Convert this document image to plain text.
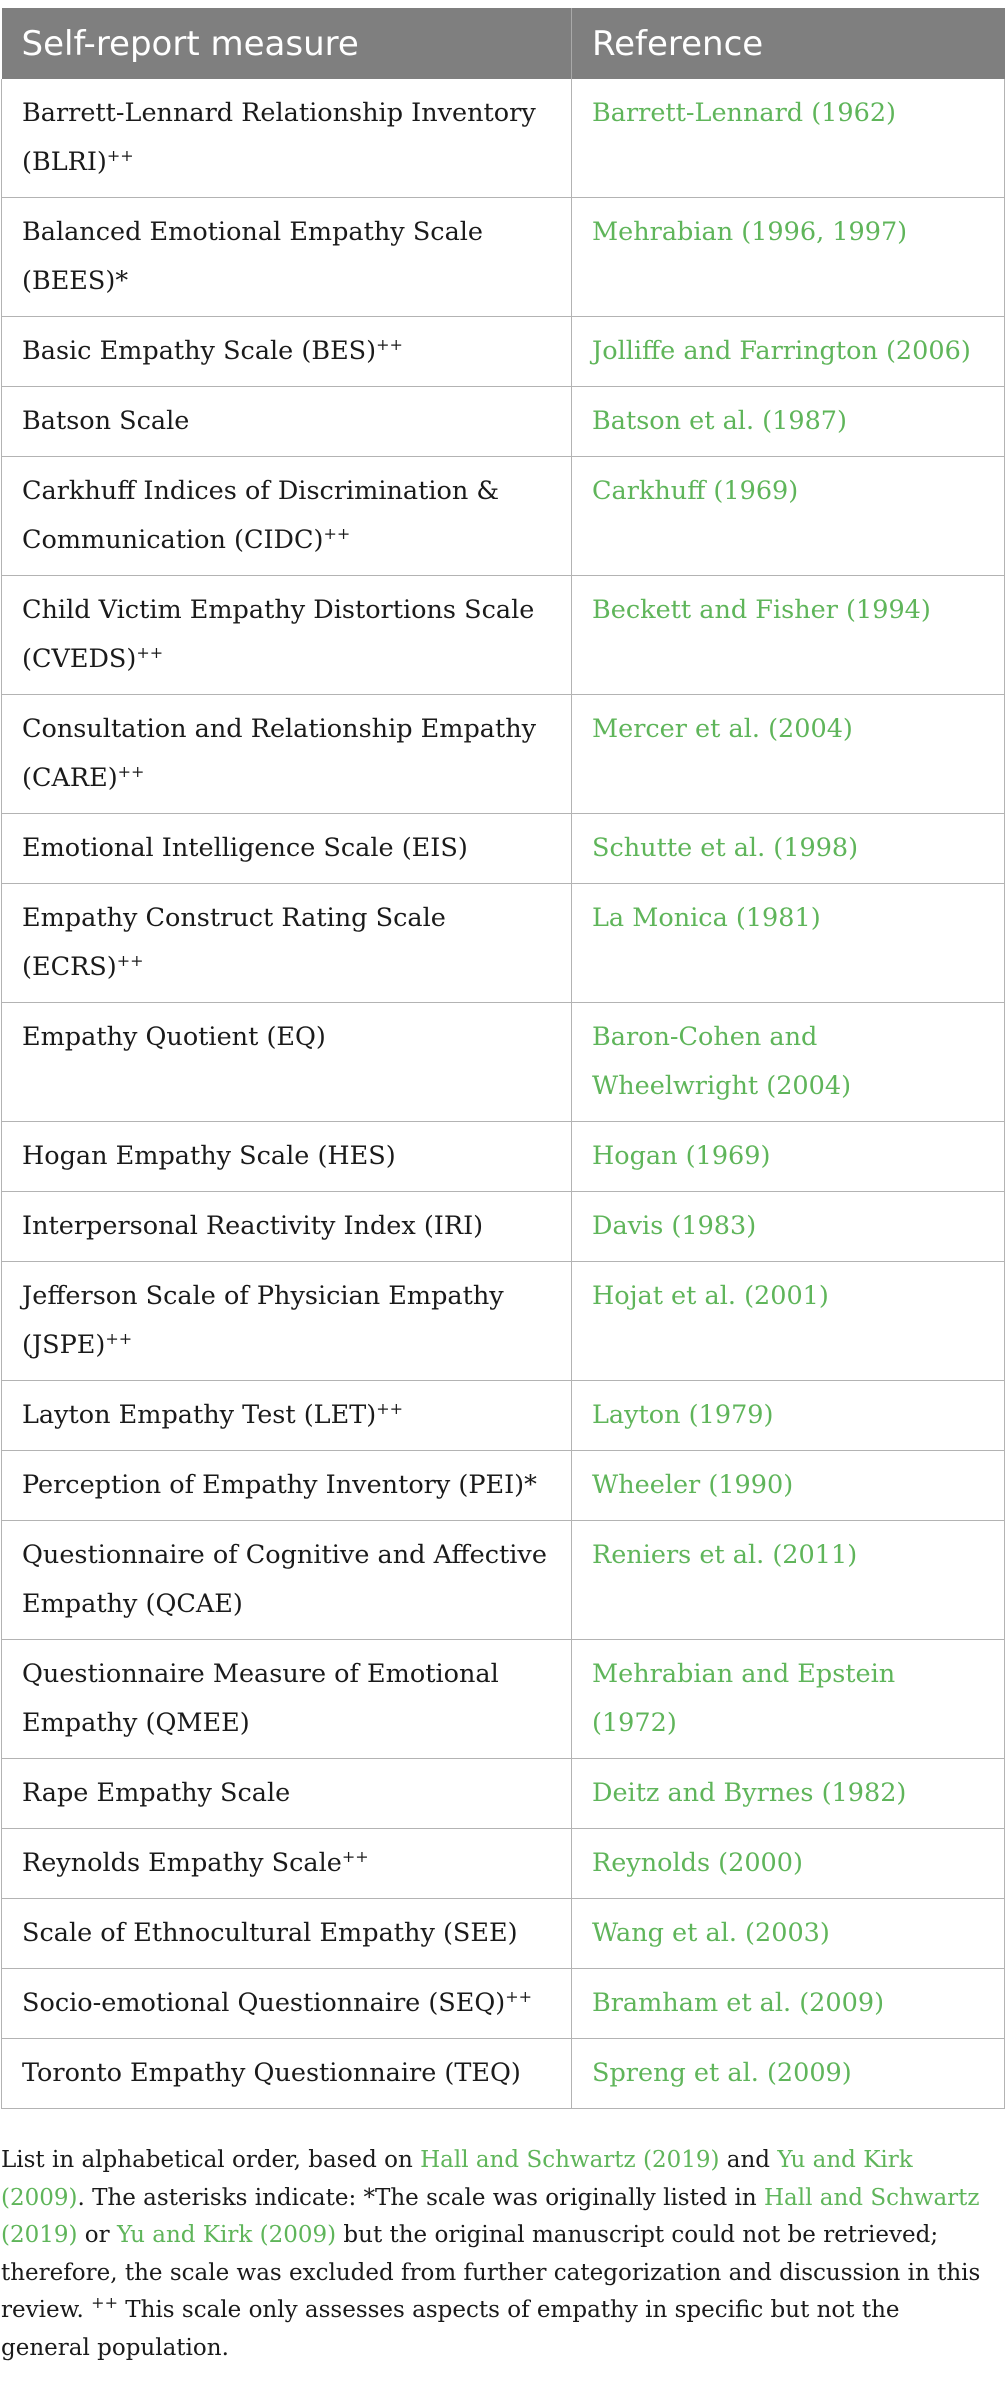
Self-report measure	Reference
Barrett-Lennard Relationship Inventory (BLRI)++	Barrett-Lennard (1962)
Balanced Emotional Empathy Scale (BEES)*	Mehrabian (1996, 1997)
Basic Empathy Scale (BES)++	Jolliffe and Farrington (2006)
Batson Scale	Batson et al. (1987)
Carkhuff Indices of Discrimination & Communication (CIDC)++	Carkhuff (1969)
Child Victim Empathy Distortions Scale (CVEDS)++	Beckett and Fisher (1994)
Consultation and Relationship Empathy (CARE)++	Mercer et al. (2004)
Emotional Intelligence Scale (EIS)	Schutte et al. (1998)
Empathy Construct Rating Scale (ECRS)++	La Monica (1981)
Empathy Quotient (EQ)	Baron-Cohen and Wheelwright (2004)
Hogan Empathy Scale (HES)	Hogan (1969)
Interpersonal Reactivity Index (IRI)	Davis (1983)
Jefferson Scale of Physician Empathy (JSPE)++	Hojat et al. (2001)
Layton Empathy Test (LET)++	Layton (1979)
Perception of Empathy Inventory (PEI)*	Wheeler (1990)
Questionnaire of Cognitive and Affective Empathy (QCAE)	Reniers et al. (2011)
Questionnaire Measure of Emotional Empathy (QMEE)	Mehrabian and Epstein (1972)
Rape Empathy Scale	Deitz and Byrnes (1982)
Reynolds Empathy Scale++	Reynolds (2000)
Scale of Ethnocultural Empathy (SEE)	Wang et al. (2003)
Socio-emotional Questionnaire (SEQ)++	Bramham et al. (2009)
Toronto Empathy Questionnaire (TEQ)	Spreng et al. (2009)

List in alphabetical order, based on Hall and Schwartz (2019) and Yu and Kirk (2009). The asterisks indicate: *The scale was originally listed in Hall and Schwartz (2019) or Yu and Kirk (2009) but the original manuscript could not be retrieved; therefore, the scale was excluded from further categorization and discussion in this review. ++ This scale only assesses aspects of empathy in specific but not the general population.
